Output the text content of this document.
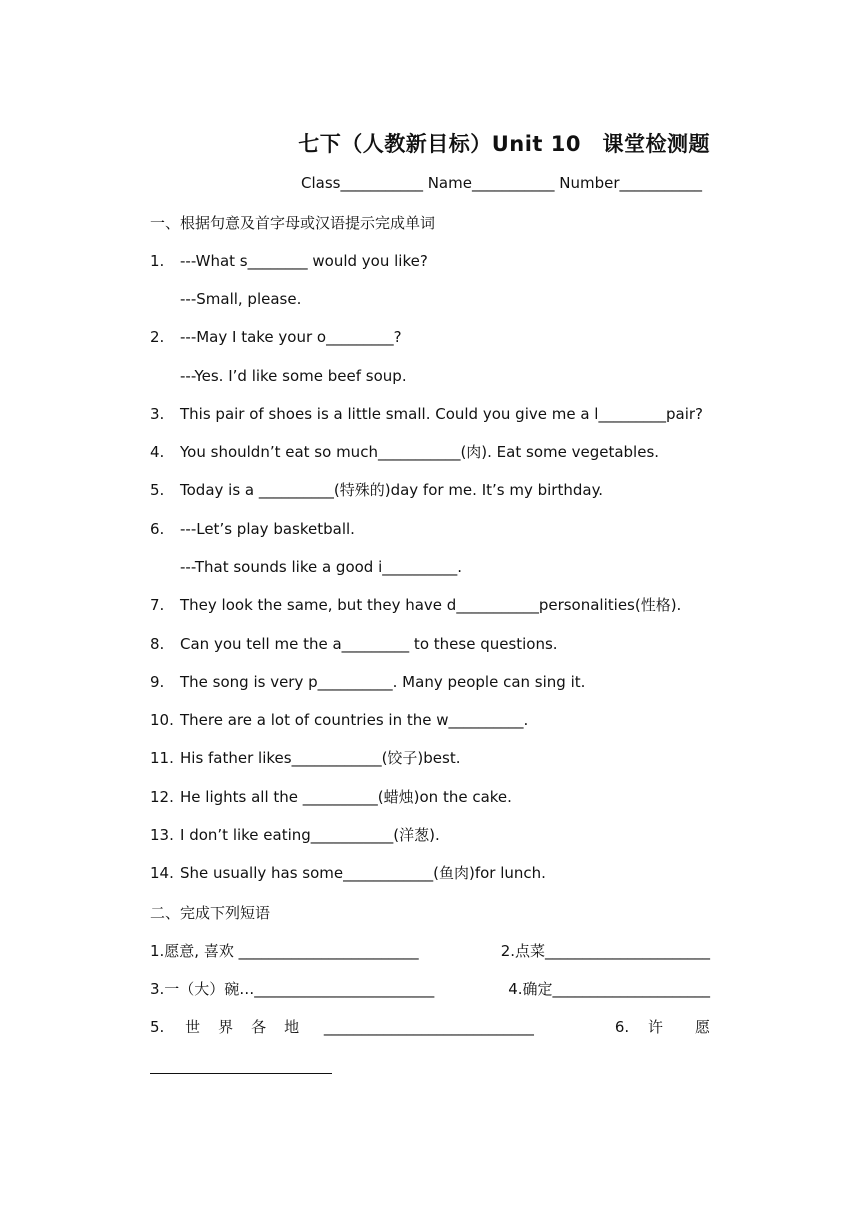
七下（人教新目标）Unit 10　课堂检测题
Class___________ Name___________ Number___________
一、根据句意及首字母或汉语提示完成单词
1. ---What s________ would you like?
---Small, please.
2. ---May I take your o_________?
---Yes. I’d like some beef soup.
3. This pair of shoes is a little small. Could you give me a l_________pair?
4. You shouldn’t eat so much___________(肉). Eat some vegetables.
5. Today is a __________(特殊的)day for me. It’s my birthday.
6. ---Let’s play basketball.
---That sounds like a good i__________.
7. They look the same, but they have d___________personalities(性格).
8. Can you tell me the a_________ to these questions.
9. The song is very p__________. Many people can sing it.
10. There are a lot of countries in the w__________.
11. His father likes____________(饺子)best.
12. He lights all the __________(蜡烛)on the cake.
13. I don’t like eating___________(洋葱).
14. She usually has some____________(鱼肉)for lunch.
二、完成下列短语
1.愿意, 喜欢 ________________________	2.点菜______________________
3.一（大）碗…________________________	4.确定_____________________
5. 世界各地 ____________________________	6. 许愿
